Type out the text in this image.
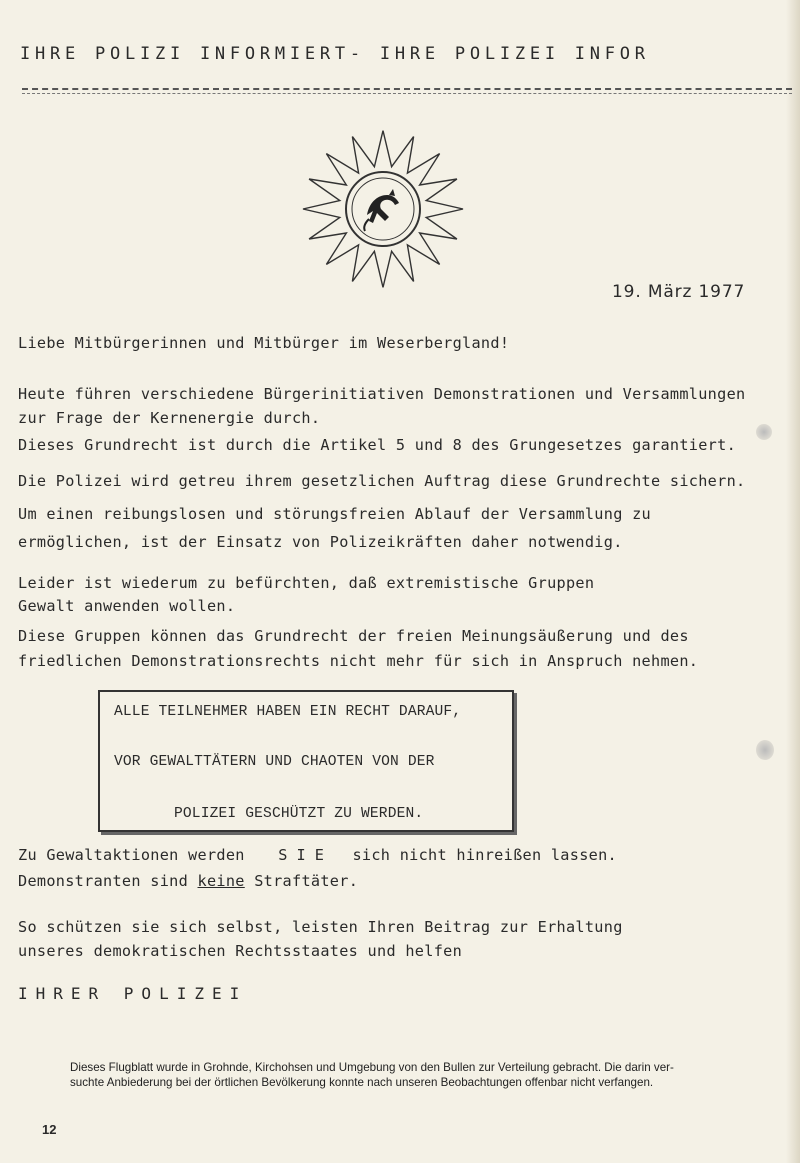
IHRE POLIZI INFORMIERT- IHRE POLIZEI INFOR
19. März 1977
Liebe Mitbürgerinnen und Mitbürger im Weserbergland!
Heute führen verschiedene Bürgerinitiativen Demonstrationen und Versammlungen
zur Frage der Kernenergie durch.
Dieses Grundrecht ist durch die Artikel 5 und 8 des Grungesetzes garantiert.
Die Polizei wird getreu ihrem gesetzlichen Auftrag diese Grundrechte sichern.
Um einen reibungslosen und störungsfreien Ablauf der Versammlung zu
ermöglichen, ist der Einsatz von Polizeikräften daher notwendig.
Leider ist wiederum zu befürchten, daß extremistische Gruppen
Gewalt anwenden wollen.
Diese Gruppen können das Grundrecht der freien Meinungsäußerung und des
friedlichen Demonstrationsrechts nicht mehr für sich in Anspruch nehmen.
ALLE TEILNEHMER HABEN EIN RECHT DARAUF,
VOR GEWALTTÄTERN UND CHAOTEN VON DER
POLIZEI GESCHÜTZT ZU WERDEN.
Zu Gewaltaktionen werden SIE sich nicht hinreißen lassen.
Demonstranten sind keine Straftäter.
So schützen sie sich selbst, leisten Ihren Beitrag zur Erhaltung
unseres demokratischen Rechtsstaates und helfen
IHRER POLIZEI
Dieses Flugblatt wurde in Grohnde, Kirchohsen und Umgebung von den Bullen zur Verteilung gebracht. Die darin ver-
suchte Anbiederung bei der örtlichen Bevölkerung konnte nach unseren Beobachtungen offenbar nicht verfangen.
12
